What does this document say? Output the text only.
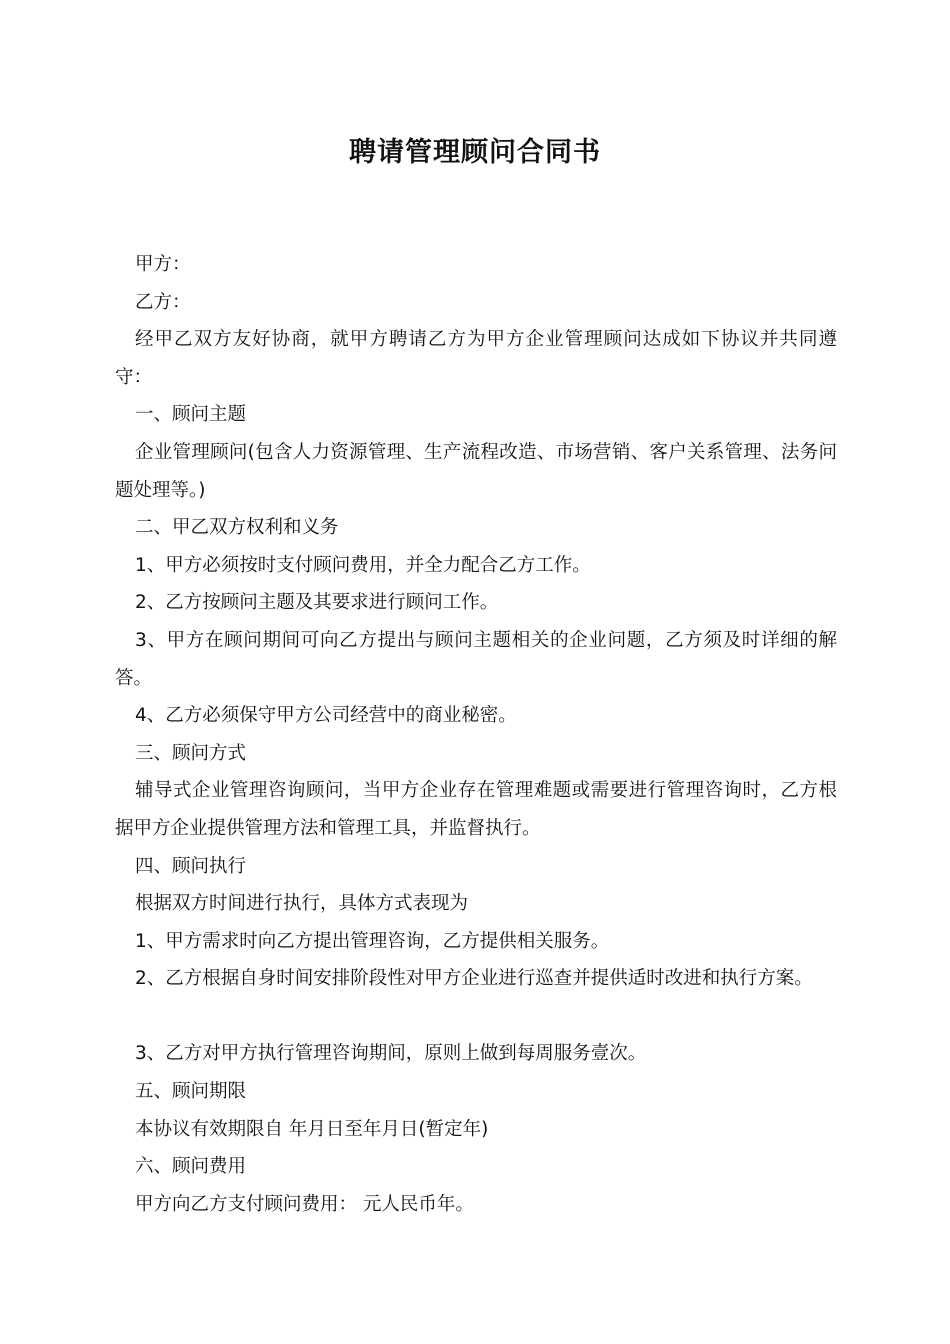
聘请管理顾问合同书

甲方：

乙方：

经甲乙双方友好协商，就甲方聘请乙方为甲方企业管理顾问达成如下协议并共同遵守：

一、顾问主题

企业管理顾问(包含人力资源管理、生产流程改造、市场营销、客户关系管理、法务问题处理等。)

二、甲乙双方权利和义务

1、甲方必须按时支付顾问费用，并全力配合乙方工作。

2、乙方按顾问主题及其要求进行顾问工作。

3、甲方在顾问期间可向乙方提出与顾问主题相关的企业问题，乙方须及时详细的解答。

4、乙方必须保守甲方公司经营中的商业秘密。

三、顾问方式

辅导式企业管理咨询顾问，当甲方企业存在管理难题或需要进行管理咨询时，乙方根据甲方企业提供管理方法和管理工具，并监督执行。

四、顾问执行

根据双方时间进行执行，具体方式表现为

1、甲方需求时向乙方提出管理咨询，乙方提供相关服务。

2、乙方根据自身时间安排阶段性对甲方企业进行巡查并提供适时改进和执行方案。

3、乙方对甲方执行管理咨询期间，原则上做到每周服务壹次。

五、顾问期限

本协议有效期限自 年月日至年月日(暂定年)

六、顾问费用

甲方向乙方支付顾问费用： 元人民币年。
